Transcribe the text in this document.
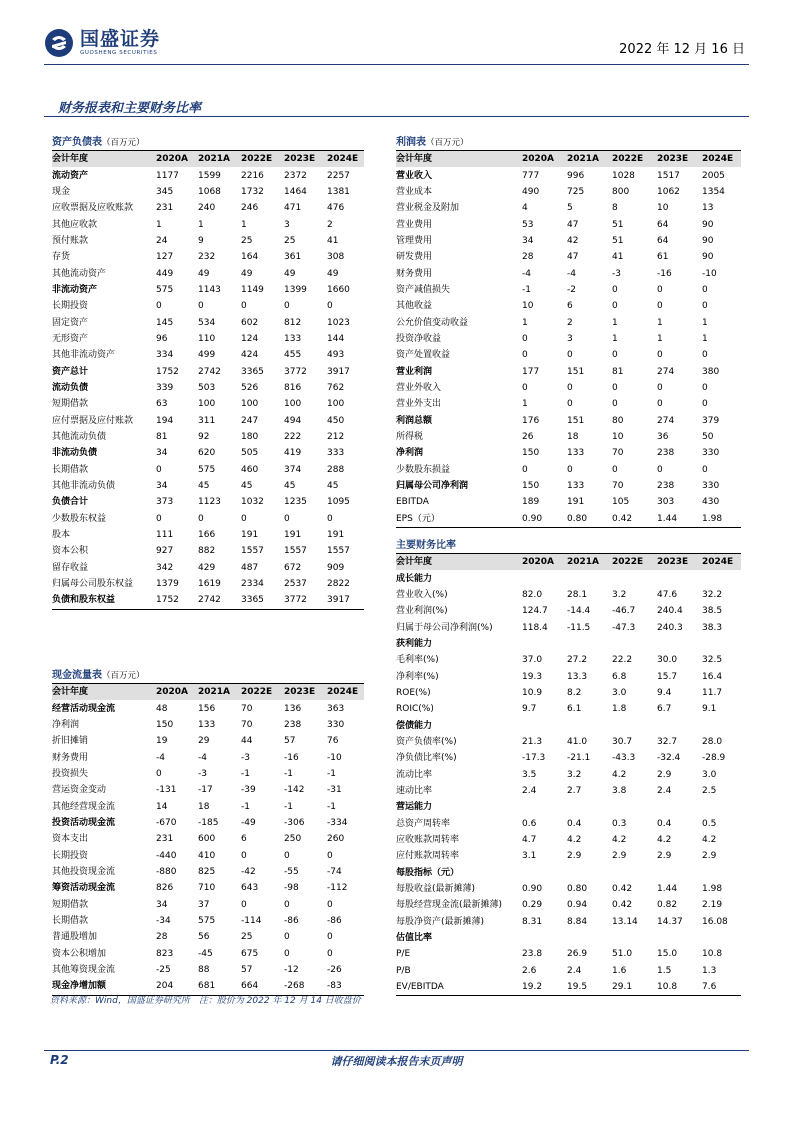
国盛证券
GUOSHENG SECURITIES	2022 年 12 月 16 日
财务报表和主要财务比率
资产负债表（百万元）
会计年度	2020A	2021A	2022E	2023E	2024E
流动资产	1177	1599	2216	2372	2257
现金	345	1068	1732	1464	1381
应收票据及应收账款	231	240	246	471	476
其他应收款	1	1	1	3	2
预付账款	24	9	25	25	41
存货	127	232	164	361	308
其他流动资产	449	49	49	49	49
非流动资产	575	1143	1149	1399	1660
长期投资	0	0	0	0	0
固定资产	145	534	602	812	1023
无形资产	96	110	124	133	144
其他非流动资产	334	499	424	455	493
资产总计	1752	2742	3365	3772	3917
流动负债	339	503	526	816	762
短期借款	63	100	100	100	100
应付票据及应付账款	194	311	247	494	450
其他流动负债	81	92	180	222	212
非流动负债	34	620	505	419	333
长期借款	0	575	460	374	288
其他非流动负债	34	45	45	45	45
负债合计	373	1123	1032	1235	1095
少数股东权益	0	0	0	0	0
股本	111	166	191	191	191
资本公积	927	882	1557	1557	1557
留存收益	342	429	487	672	909
归属母公司股东权益	1379	1619	2334	2537	2822
负债和股东权益	1752	2742	3365	3772	3917
现金流量表（百万元）
会计年度	2020A	2021A	2022E	2023E	2024E
经营活动现金流	48	156	70	136	363
净利润	150	133	70	238	330
折旧摊销	19	29	44	57	76
财务费用	-4	-4	-3	-16	-10
投资损失	0	-3	-1	-1	-1
营运资金变动	-131	-17	-39	-142	-31
其他经营现金流	14	18	-1	-1	-1
投资活动现金流	-670	-185	-49	-306	-334
资本支出	231	600	6	250	260
长期投资	-440	410	0	0	0
其他投资现金流	-880	825	-42	-55	-74
筹资活动现金流	826	710	643	-98	-112
短期借款	34	37	0	0	0
长期借款	-34	575	-114	-86	-86
普通股增加	28	56	25	0	0
资本公积增加	823	-45	675	0	0
其他筹资现金流	-25	88	57	-12	-26
现金净增加额	204	681	664	-268	-83
利润表（百万元）
会计年度	2020A	2021A	2022E	2023E	2024E
营业收入	777	996	1028	1517	2005
营业成本	490	725	800	1062	1354
营业税金及附加	4	5	8	10	13
营业费用	53	47	51	64	90
管理费用	34	42	51	64	90
研发费用	28	47	41	61	90
财务费用	-4	-4	-3	-16	-10
资产减值损失	-1	-2	0	0	0
其他收益	10	6	0	0	0
公允价值变动收益	1	2	1	1	1
投资净收益	0	3	1	1	1
资产处置收益	0	0	0	0	0
营业利润	177	151	81	274	380
营业外收入	0	0	0	0	0
营业外支出	1	0	0	0	0
利润总额	176	151	80	274	379
所得税	26	18	10	36	50
净利润	150	133	70	238	330
少数股东损益	0	0	0	0	0
归属母公司净利润	150	133	70	238	330
EBITDA	189	191	105	303	430
EPS（元）	0.90	0.80	0.42	1.44	1.98
主要财务比率
会计年度	2020A	2021A	2022E	2023E	2024E
成长能力					
营业收入(%)	82.0	28.1	3.2	47.6	32.2
营业利润(%)	124.7	-14.4	-46.7	240.4	38.5
归属于母公司净利润(%)	118.4	-11.5	-47.3	240.3	38.3
获利能力					
毛利率(%)	37.0	27.2	22.2	30.0	32.5
净利率(%)	19.3	13.3	6.8	15.7	16.4
ROE(%)	10.9	8.2	3.0	9.4	11.7
ROIC(%)	9.7	6.1	1.8	6.7	9.1
偿债能力					
资产负债率(%)	21.3	41.0	30.7	32.7	28.0
净负债比率(%)	-17.3	-21.1	-43.3	-32.4	-28.9
流动比率	3.5	3.2	4.2	2.9	3.0
速动比率	2.4	2.7	3.8	2.4	2.5
营运能力					
总资产周转率	0.6	0.4	0.3	0.4	0.5
应收账款周转率	4.7	4.2	4.2	4.2	4.2
应付账款周转率	3.1	2.9	2.9	2.9	2.9
每股指标（元）					
每股收益(最新摊薄)	0.90	0.80	0.42	1.44	1.98
每股经营现金流(最新摊薄)	0.29	0.94	0.42	0.82	2.19
每股净资产(最新摊薄)	8.31	8.84	13.14	14.37	16.08
估值比率					
P/E	23.8	26.9	51.0	15.0	10.8
P/B	2.6	2.4	1.6	1.5	1.3
EV/EBITDA	19.2	19.5	29.1	10.8	7.6
资料来源：Wind，国盛证券研究所　注：股价为 2022 年 12 月 14 日收盘价
P.2	请仔细阅读本报告末页声明
